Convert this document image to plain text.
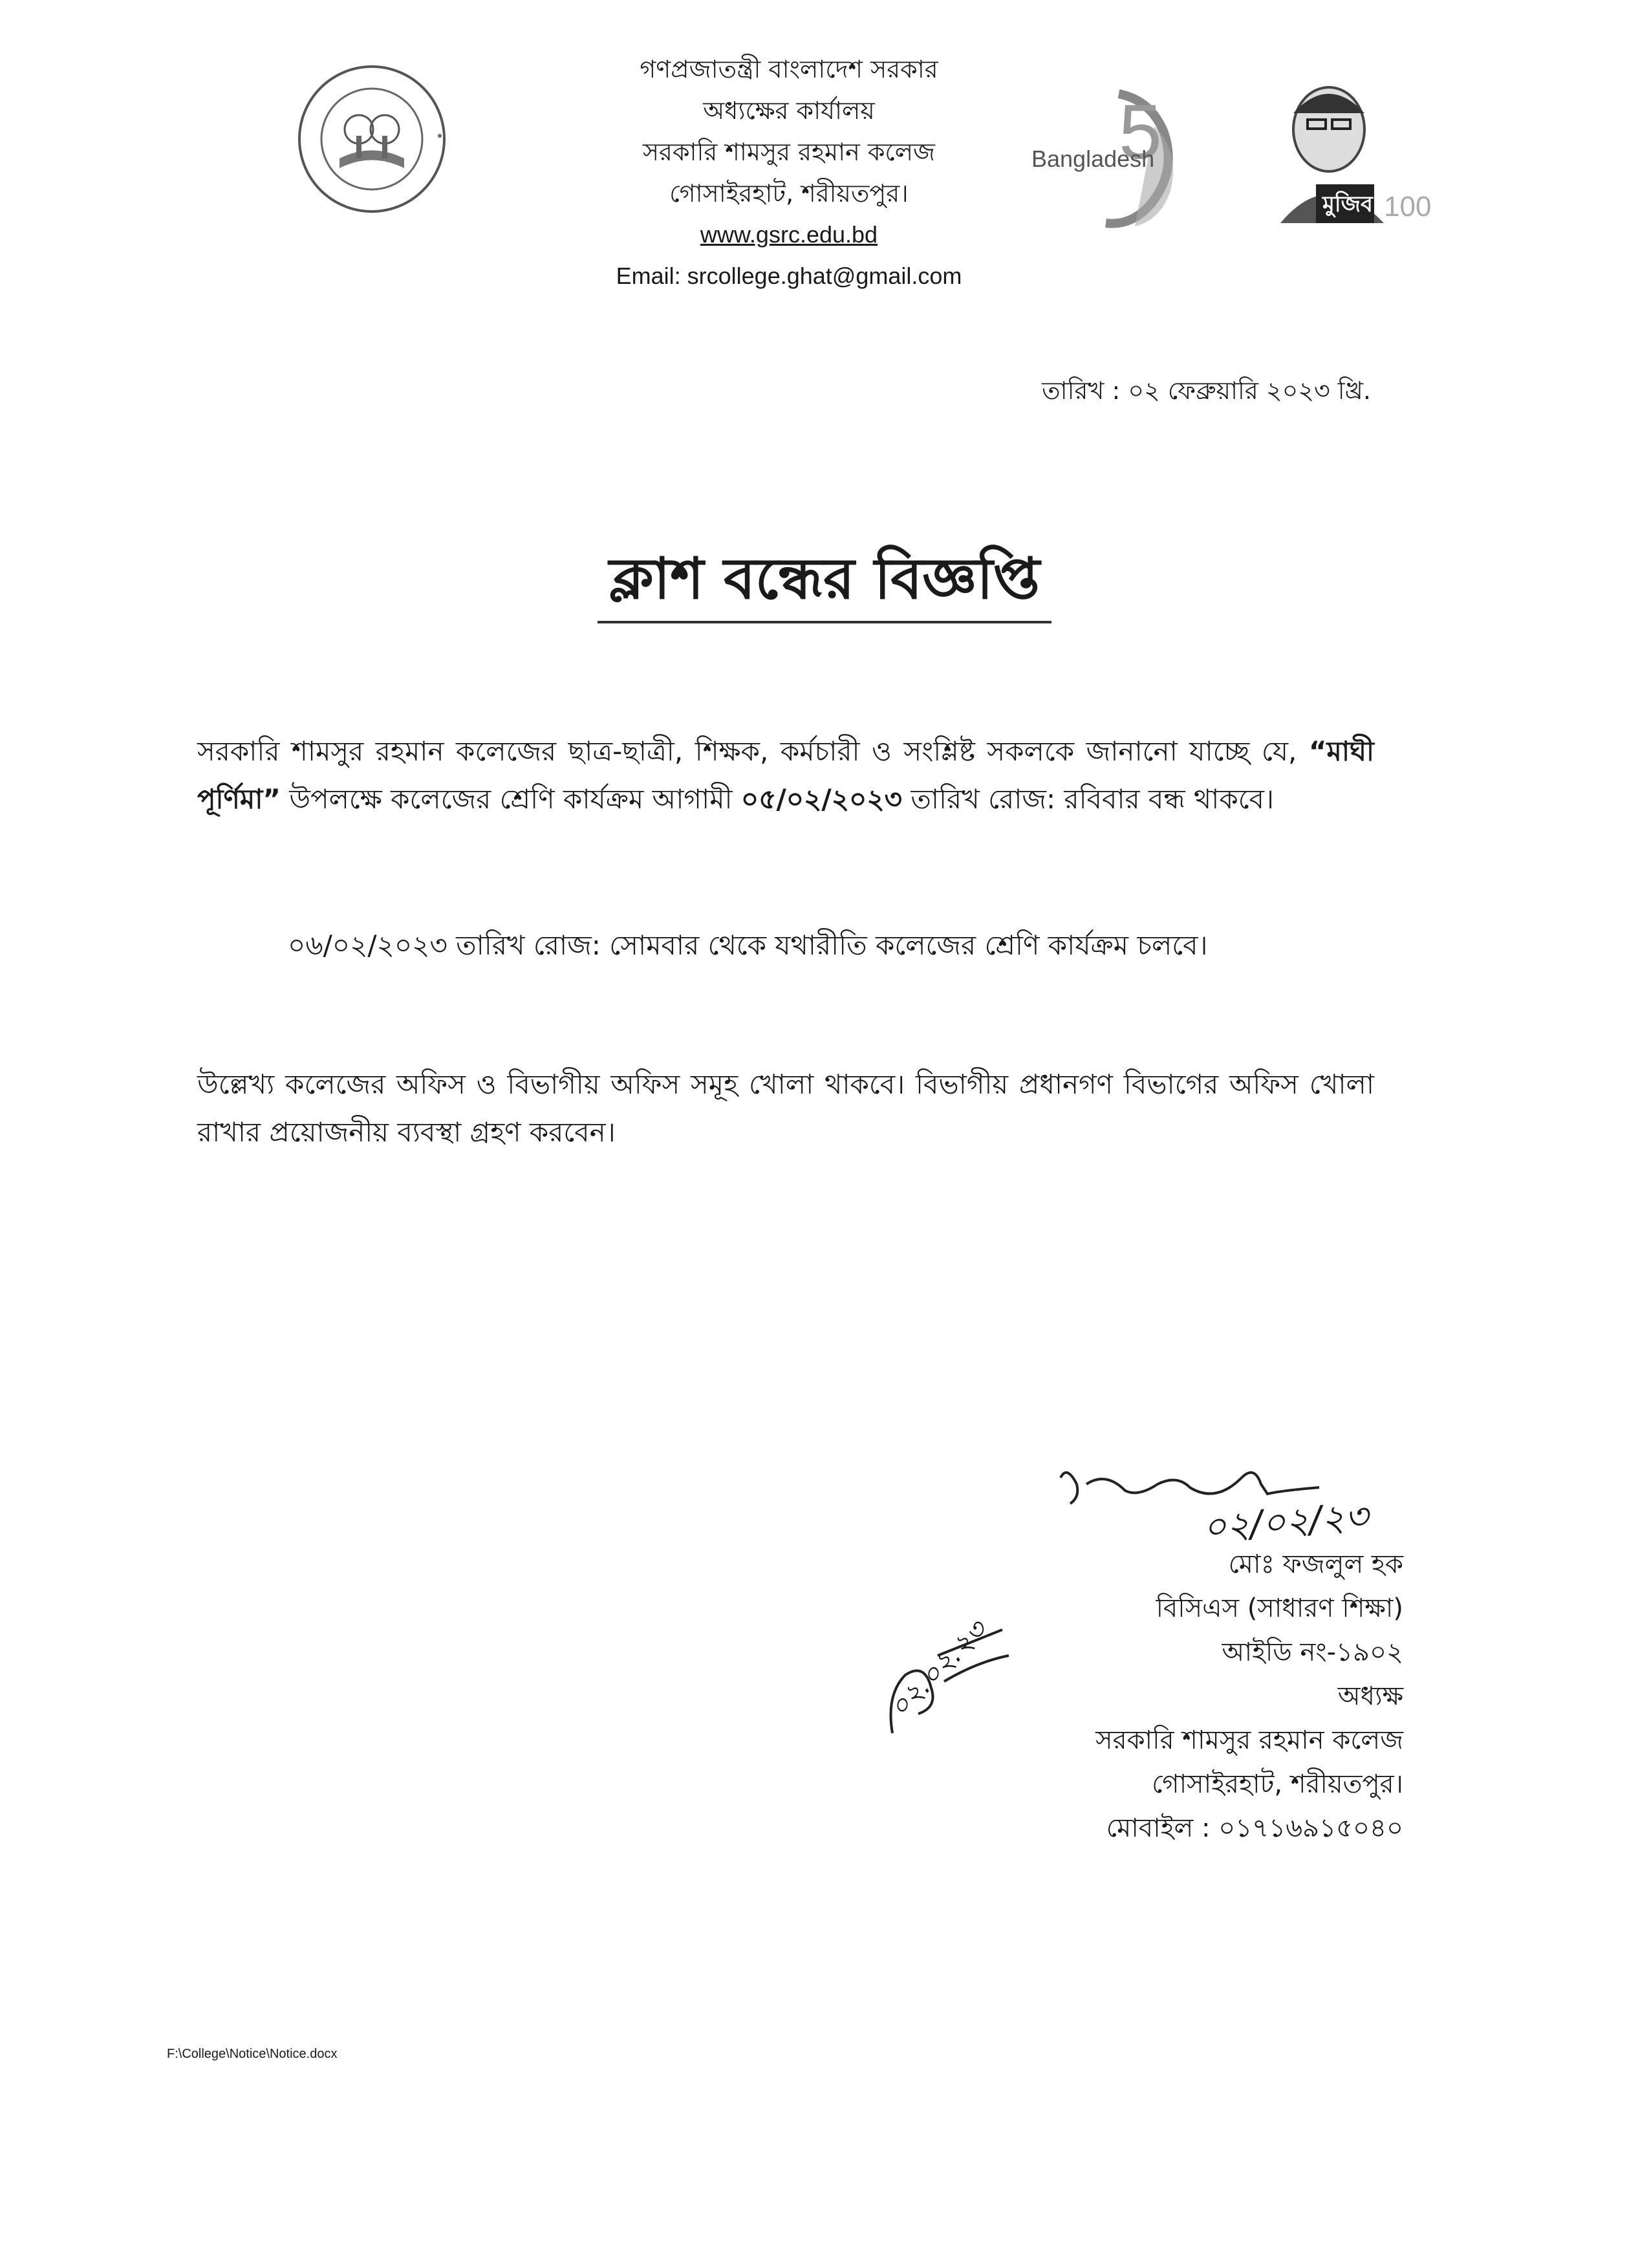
গণপ্রজাতন্ত্রী বাংলাদেশ সরকার
অধ্যক্ষের কার্যালয়
সরকারি শামসুর রহমান কলেজ
গোসাইরহাট, শরীয়তপুর।
www.gsrc.edu.bd
Email: srcollege.ghat@gmail.com
5
Bangladesh
মুজিব 100
তারিখ : ০২ ফেব্রুয়ারি ২০২৩ খ্রি.
ক্লাশ বন্ধের বিজ্ঞপ্তি
সরকারি শামসুর রহমান কলেজের ছাত্র-ছাত্রী, শিক্ষক, কর্মচারী ও সংশ্লিষ্ট সকলকে জানানো যাচ্ছে যে, “মাঘী পূর্ণিমা” উপলক্ষে কলেজের শ্রেণি কার্যক্রম আগামী ০৫/০২/২০২৩ তারিখ রোজ: রবিবার বন্ধ থাকবে।
০৬/০২/২০২৩ তারিখ রোজ: সোমবার থেকে যথারীতি কলেজের শ্রেণি কার্যক্রম চলবে।
উল্লেখ্য কলেজের অফিস ও বিভাগীয় অফিস সমূহ খোলা থাকবে। বিভাগীয় প্রধানগণ বিভাগের অফিস খোলা রাখার প্রয়োজনীয় ব্যবস্থা গ্রহণ করবেন।
০২/০২/২৩
০২.০২.২৩
মোঃ ফজলুল হক
বিসিএস (সাধারণ শিক্ষা)
আইডি নং-১৯০২
অধ্যক্ষ
সরকারি শামসুর রহমান কলেজ
গোসাইরহাট, শরীয়তপুর।
মোবাইল : ০১৭১৬৯১৫০৪০
F:\College\Notice\Notice.docx
